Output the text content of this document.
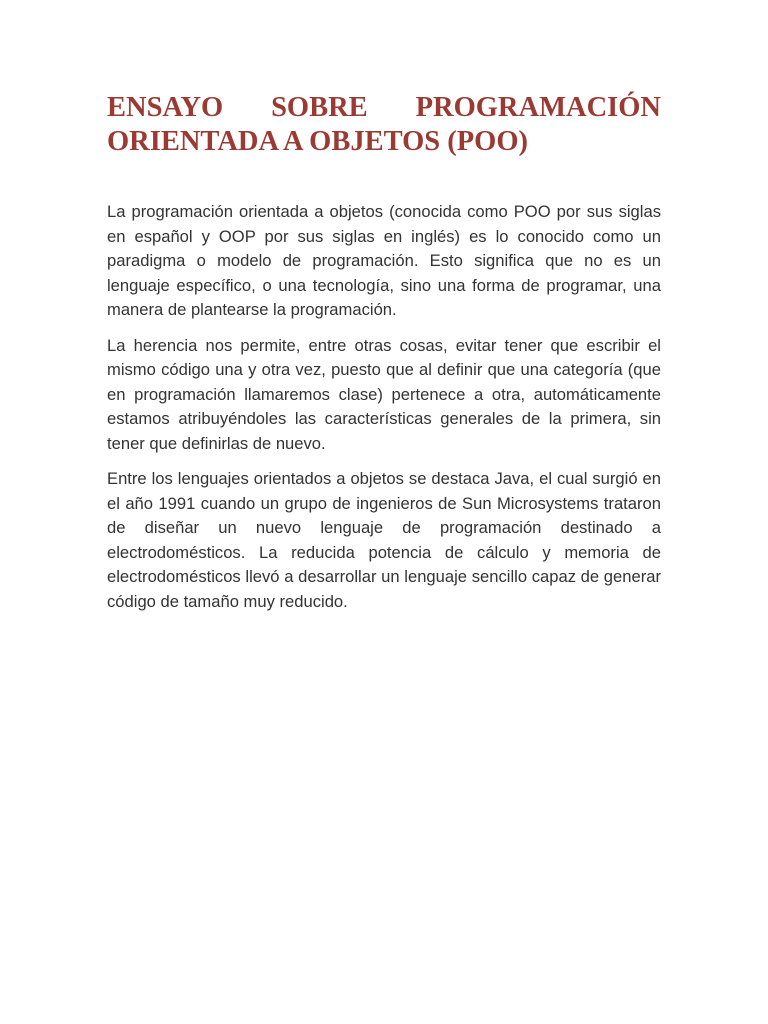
ENSAYO SOBRE PROGRAMACIÓN
ORIENTADA A OBJETOS (POO)

La programación orientada a objetos (conocida como POO por sus siglas en español y OOP por sus siglas en inglés) es lo conocido como un paradigma o modelo de programación. Esto significa que no es un lenguaje específico, o una tecnología, sino una forma de programar, una manera de plantearse la programación.

La herencia nos permite, entre otras cosas, evitar tener que escribir el mismo código una y otra vez, puesto que al definir que una categoría (que en programación llamaremos clase) pertenece a otra, automáticamente estamos atribuyéndoles las características generales de la primera, sin tener que definirlas de nuevo.

Entre los lenguajes orientados a objetos se destaca Java, el cual surgió en el año 1991 cuando un grupo de ingenieros de Sun Microsystems trataron de diseñar un nuevo lenguaje de programación destinado a electrodomésticos. La reducida potencia de cálculo y memoria de electrodomésticos llevó a desarrollar un lenguaje sencillo capaz de generar código de tamaño muy reducido.
